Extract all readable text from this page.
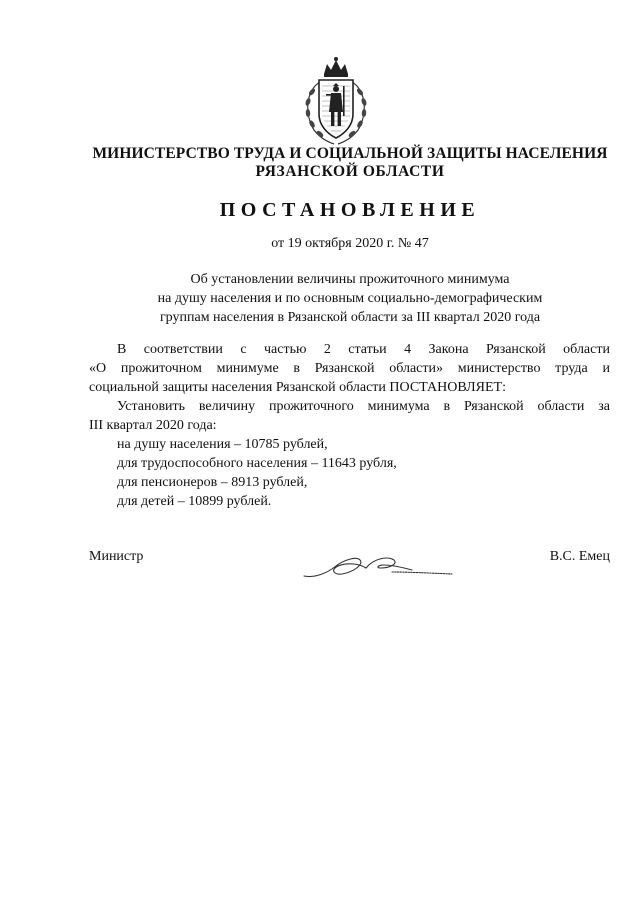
МИНИСТЕРСТВО ТРУДА И СОЦИАЛЬНОЙ ЗАЩИТЫ НАСЕЛЕНИЯ
РЯЗАНСКОЙ ОБЛАСТИ
ПОСТАНОВЛЕНИЕ
от 19 октября 2020 г. № 47
Об установлении величины прожиточного минимума
на душу населения и по основным социально-демографическим
группам населения в Рязанской области за III квартал 2020 года
В соответствии с частью 2 статьи 4 Закона Рязанской области
«О прожиточном минимуме в Рязанской области» министерство труда и
социальной защиты населения Рязанской области ПОСТАНОВЛЯЕТ:
Установить величину прожиточного минимума в Рязанской области за
III квартал 2020 года:
на душу населения – 10785 рублей,
для трудоспособного населения – 11643 рубля,
для пенсионеров – 8913 рублей,
для детей – 10899 рублей.
Министр	В.С. Емец
